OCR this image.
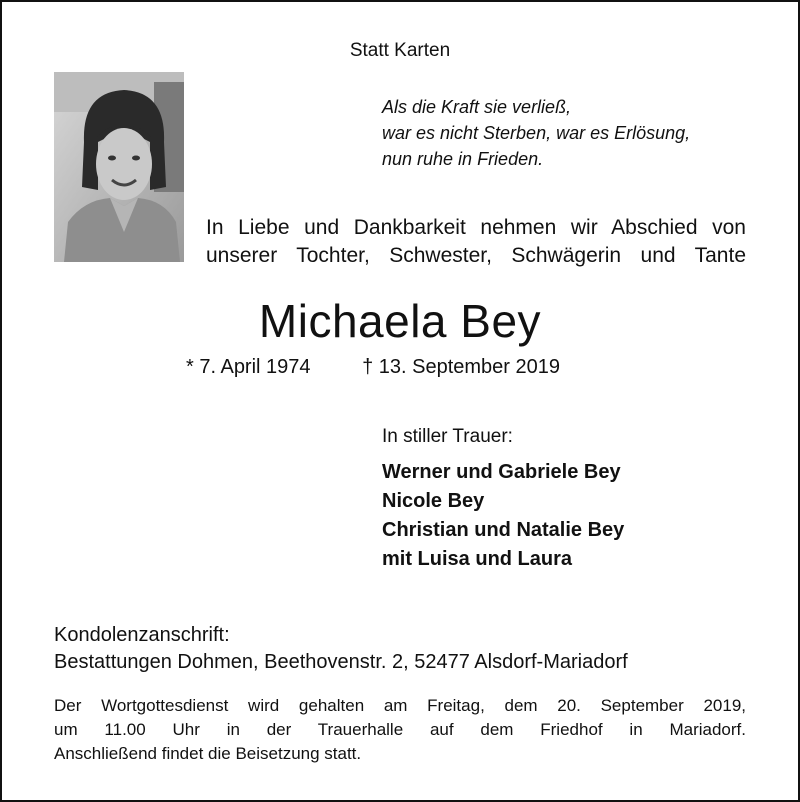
Statt Karten
Als die Kraft sie verließ,
war es nicht Sterben, war es Erlösung,
nun ruhe in Frieden.
In Liebe und Dankbarkeit nehmen wir Abschied von
unserer Tochter, Schwester, Schwägerin und Tante
Michaela Bey
* 7. April 1974	† 13. September 2019
In stiller Trauer:
Werner und Gabriele Bey
Nicole Bey
Christian und Natalie Bey
mit Luisa und Laura
Kondolenzanschrift:
Bestattungen Dohmen, Beethovenstr. 2, 52477 Alsdorf-Mariadorf
Der Wortgottesdienst wird gehalten am Freitag, dem 20. September 2019,
um 11.00 Uhr in der Trauerhalle auf dem Friedhof in Mariadorf.
Anschließend findet die Beisetzung statt.
